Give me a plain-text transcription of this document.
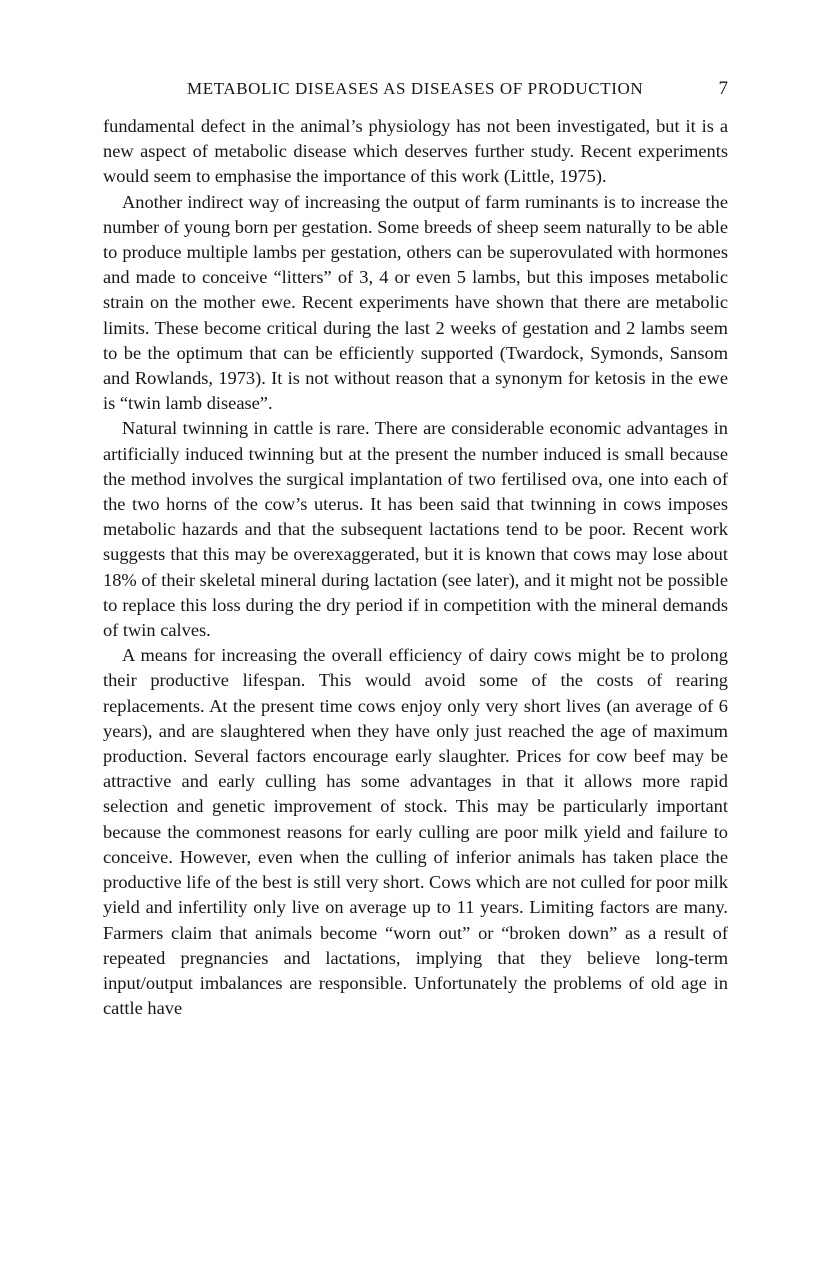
METABOLIC DISEASES AS DISEASES OF PRODUCTION	7

fundamental defect in the animal’s physiology has not been investigated, but it is a new aspect of metabolic disease which deserves further study. Recent experiments would seem to emphasise the importance of this work (Little, 1975).

Another indirect way of increasing the output of farm ruminants is to increase the number of young born per gestation. Some breeds of sheep seem naturally to be able to produce multiple lambs per gestation, others can be superovulated with hormones and made to conceive “litters” of 3, 4 or even 5 lambs, but this imposes metabolic strain on the mother ewe. Recent experiments have shown that there are metabolic limits. These become critical during the last 2 weeks of gestation and 2 lambs seem to be the optimum that can be efficiently supported (Twardock, Symonds, Sansom and Rowlands, 1973). It is not without reason that a synonym for ketosis in the ewe is “twin lamb disease”.

Natural twinning in cattle is rare. There are considerable economic advantages in artificially induced twinning but at the present the number induced is small because the method involves the surgical implantation of two fertilised ova, one into each of the two horns of the cow’s uterus. It has been said that twinning in cows imposes metabolic hazards and that the subsequent lactations tend to be poor. Recent work suggests that this may be overexaggerated, but it is known that cows may lose about 18% of their skeletal mineral during lactation (see later), and it might not be possible to replace this loss during the dry period if in competition with the mineral demands of twin calves.

A means for increasing the overall efficiency of dairy cows might be to prolong their productive lifespan. This would avoid some of the costs of rearing replacements. At the present time cows enjoy only very short lives (an average of 6 years), and are slaughtered when they have only just reached the age of maximum production. Several factors encourage early slaughter. Prices for cow beef may be attractive and early culling has some advantages in that it allows more rapid selection and genetic improvement of stock. This may be particularly important because the commonest reasons for early culling are poor milk yield and failure to conceive. However, even when the culling of inferior animals has taken place the productive life of the best is still very short. Cows which are not culled for poor milk yield and infertility only live on average up to 11 years. Limiting factors are many. Farmers claim that animals become “worn out” or “broken down” as a result of repeated pregnancies and lactations, implying that they believe long-term input/output imbalances are responsible. Unfortunately the problems of old age in cattle have
